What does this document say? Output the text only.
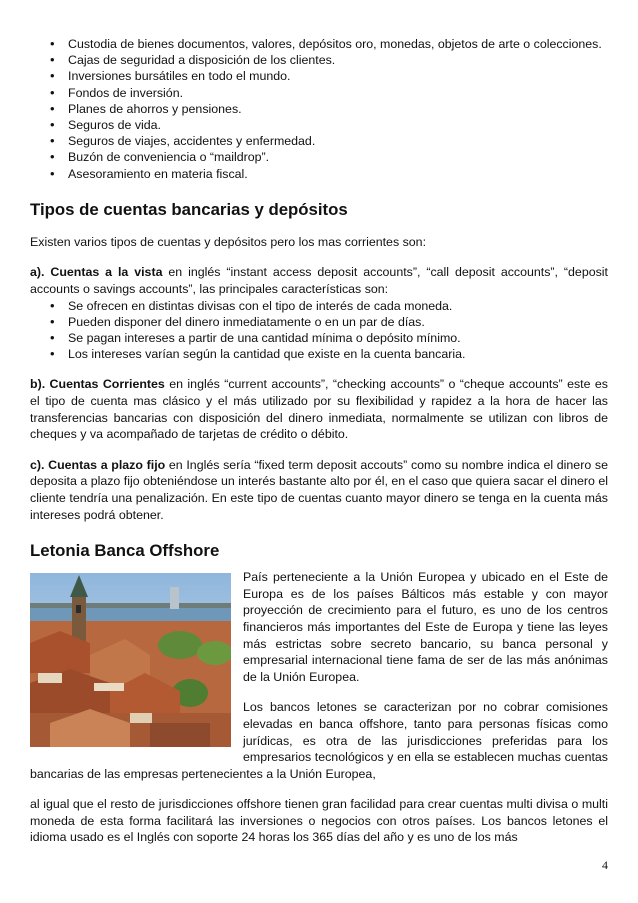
• Custodia de bienes documentos, valores, depósitos oro, monedas, objetos de arte o colecciones.
• Cajas de seguridad a disposición de los clientes.
• Inversiones bursátiles en todo el mundo.
• Fondos de inversión.
• Planes de ahorros y pensiones.
• Seguros de vida.
• Seguros de viajes, accidentes y enfermedad.
• Buzón de conveniencia o “maildrop”.
• Asesoramiento en materia fiscal.
Tipos de cuentas bancarias y depósitos

Existen varios tipos de cuentas y depósitos pero los mas corrientes son:

a). Cuentas a la vista en inglés “instant access deposit accounts”, “call deposit accounts”, “deposit accounts o savings accounts”, las principales características son:

• Se ofrecen en distintas divisas con el tipo de interés de cada moneda.
• Pueden disponer del dinero inmediatamente o en un par de días.
• Se pagan intereses a partir de una cantidad mínima o depósito mínimo.
• Los intereses varían según la cantidad que existe en la cuenta bancaria.

b). Cuentas Corrientes en inglés “current accounts”, “checking accounts” o “cheque accounts” este es el tipo de cuenta mas clásico y el más utilizado por su flexibilidad y rapidez a la hora de hacer las transferencias bancarias con disposición del dinero inmediata, normalmente se utilizan con libros de cheques y va acompañado de tarjetas de crédito o débito.

c). Cuentas a plazo fijo en Inglés sería “fixed term deposit accouts” como su nombre indica el dinero se deposita a plazo fijo obteniéndose un interés bastante alto por él, en el caso que quiera sacar el dinero el cliente tendría una penalización. En este tipo de cuentas cuanto mayor dinero se tenga en la cuenta más intereses podrá obtener.

Letonia Banca Offshore

País perteneciente a la Unión Europea y ubicado en el Este de Europa es de los países Bálticos más estable y con mayor proyección de crecimiento para el futuro, es uno de los centros financieros más importantes del Este de Europa y tiene las leyes más estrictas sobre secreto bancario, su banca personal y empresarial internacional tiene fama de ser de las más anónimas de la Unión Europea.

Los bancos letones se caracterizan por no cobrar comisiones elevadas en banca offshore, tanto para personas físicas como jurídicas, es otra de las jurisdicciones preferidas para los empresarios tecnológicos y en ella se establecen muchas cuentas bancarias de las empresas pertenecientes a la Unión Europea,

al igual que el resto de jurisdicciones offshore tienen gran facilidad para crear cuentas multi divisa o multi moneda de esta forma facilitará las inversiones o negocios con otros países. Los bancos letones el idioma usado es el Inglés con soporte 24 horas los 365 días del año y es uno de los más

4
